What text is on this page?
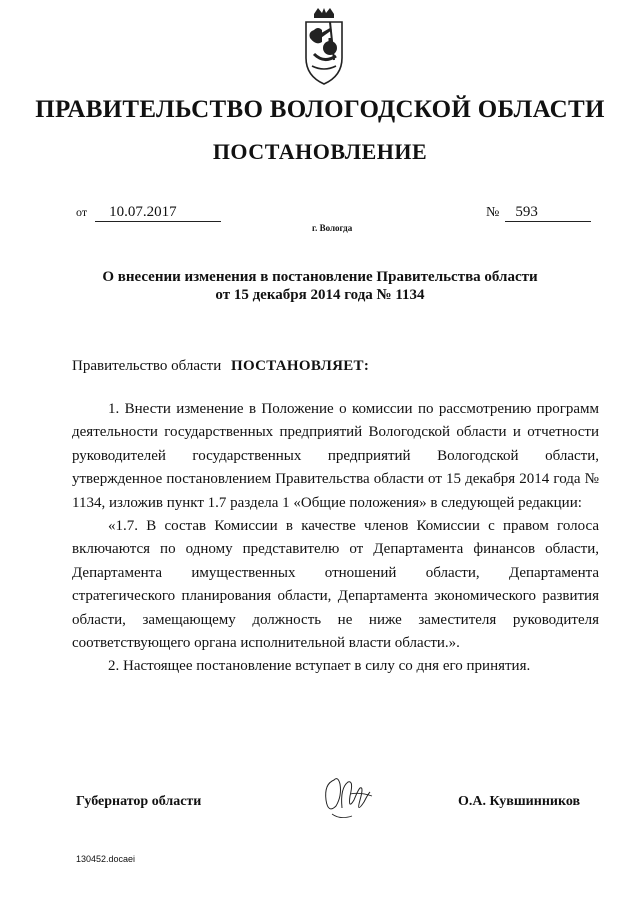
ПРАВИТЕЛЬСТВО ВОЛОГОДСКОЙ ОБЛАСТИ
ПОСТАНОВЛЕНИЕ
от 10.07.2017	№ 593
г. Вологда
О внесении изменения в постановление Правительства области
от 15 декабря 2014 года № 1134
Правительство области ПОСТАНОВЛЯЕТ:

1. Внести изменение в Положение о комиссии по рассмотрению программ деятельности государственных предприятий Вологодской области и отчетности руководителей государственных предприятий Вологодской области, утвержденное постановлением Правительства области от 15 декабря 2014 года № 1134, изложив пункт 1.7 раздела 1 «Общие положения» в следующей редакции:

«1.7. В состав Комиссии в качестве членов Комиссии с правом голоса включаются по одному представителю от Департамента финансов области, Департамента имущественных отношений области, Департамента стратегического планирования области, Департамента экономического развития области, замещающему должность не ниже заместителя руководителя соответствующего органа исполнительной власти области.».

2. Настоящее постановление вступает в силу со дня его принятия.

Губернатор области	О.А. Кувшинников
130452.docaei
